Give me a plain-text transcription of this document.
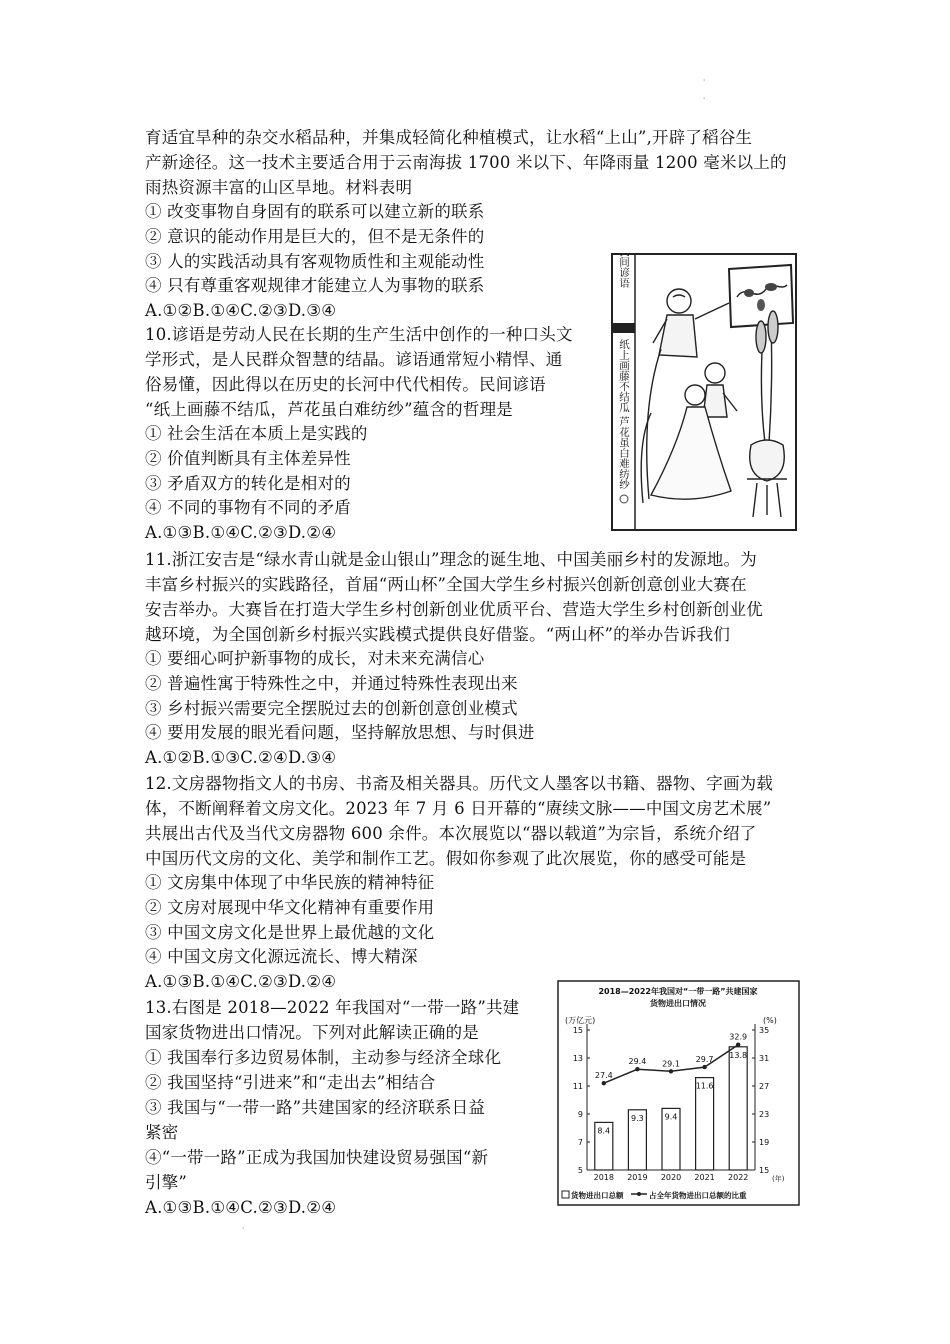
'
'
育适宜旱种的杂交水稻品种，并集成轻简化种植模式，让水稻“上山”,开辟了稻谷生
产新途径。这一技术主要适合用于云南海拔 1700 米以下、年降雨量 1200 毫米以上的
雨热资源丰富的山区旱地。材料表明
① 改变事物自身固有的联系可以建立新的联系
② 意识的能动作用是巨大的，但不是无条件的
③ 人的实践活动具有客观物质性和主观能动性
④ 只有尊重客观规律才能建立人为事物的联系
A.①②B.①④C.②③D.③④
10.谚语是劳动人民在长期的生产生活中创作的一种口头文
学形式，是人民群众智慧的结晶。谚语通常短小精悍、通
俗易懂，因此得以在历史的长河中代代相传。民间谚语
“纸上画藤不结瓜，芦花虽白难纺纱”蕴含的哲理是
① 社会生活在本质上是实践的
② 价值判断具有主体差异性
③ 矛盾双方的转化是相对的
④ 不同的事物有不同的矛盾
A.①③B.①④C.②③D.②④
民间谚语
纸上画藤不结瓜 芦花虽白难纺纱
11.浙江安吉是“绿水青山就是金山银山”理念的诞生地、中国美丽乡村的发源地。为
丰富乡村振兴的实践路径，首届“两山杯”全国大学生乡村振兴创新创意创业大赛在
安吉举办。大赛旨在打造大学生乡村创新创业优质平台、营造大学生乡村创新创业优
越环境，为全国创新乡村振兴实践模式提供良好借鉴。“两山杯”的举办告诉我们
① 要细心呵护新事物的成长，对未来充满信心
② 普遍性寓于特殊性之中，并通过特殊性表现出来
③ 乡村振兴需要完全摆脱过去的创新创意创业模式
④ 要用发展的眼光看问题，坚持解放思想、与时俱进
A.①②B.①③C.②④D.③④
12.文房器物指文人的书房、书斋及相关器具。历代文人墨客以书籍、器物、字画为载
体，不断阐释着文房文化。2023 年 7 月 6 日开幕的“赓续文脉——中国文房艺术展”
共展出古代及当代文房器物 600 余件。本次展览以“器以载道”为宗旨，系统介绍了
中国历代文房的文化、美学和制作工艺。假如你参观了此次展览，你的感受可能是
① 文房集中体现了中华民族的精神特征
② 文房对展现中华文化精神有重要作用
③ 中国文房文化是世界上最优越的文化
④ 中国文房文化源远流长、博大精深
A.①③B.①④C.②③D.②④
13.右图是 2018—2022 年我国对“一带一路”共建
国家货物进出口情况。下列对此解读正确的是
① 我国奉行多边贸易体制，主动参与经济全球化
② 我国坚持“引进来”和“走出去”相结合
③ 我国与“一带一路”共建国家的经济联系日益
紧密
④“一带一路”正成为我国加快建设贸易强国“新
引擎”
A.①③B.①④C.②③D.②④
'
2018—2022年我国对“一带一路”共建国家
货物进出口情况
(万亿元)	(%)
(年)
15
13
11
9
7
5
35
31
27
23
19
15
8.4
2018
9.3
2019
9.4
2020
11.6
2021
13.8
2022
27.4
29.4 29.1 29.7
32.9
货物进出口总额	占全年货物进出口总额的比重
